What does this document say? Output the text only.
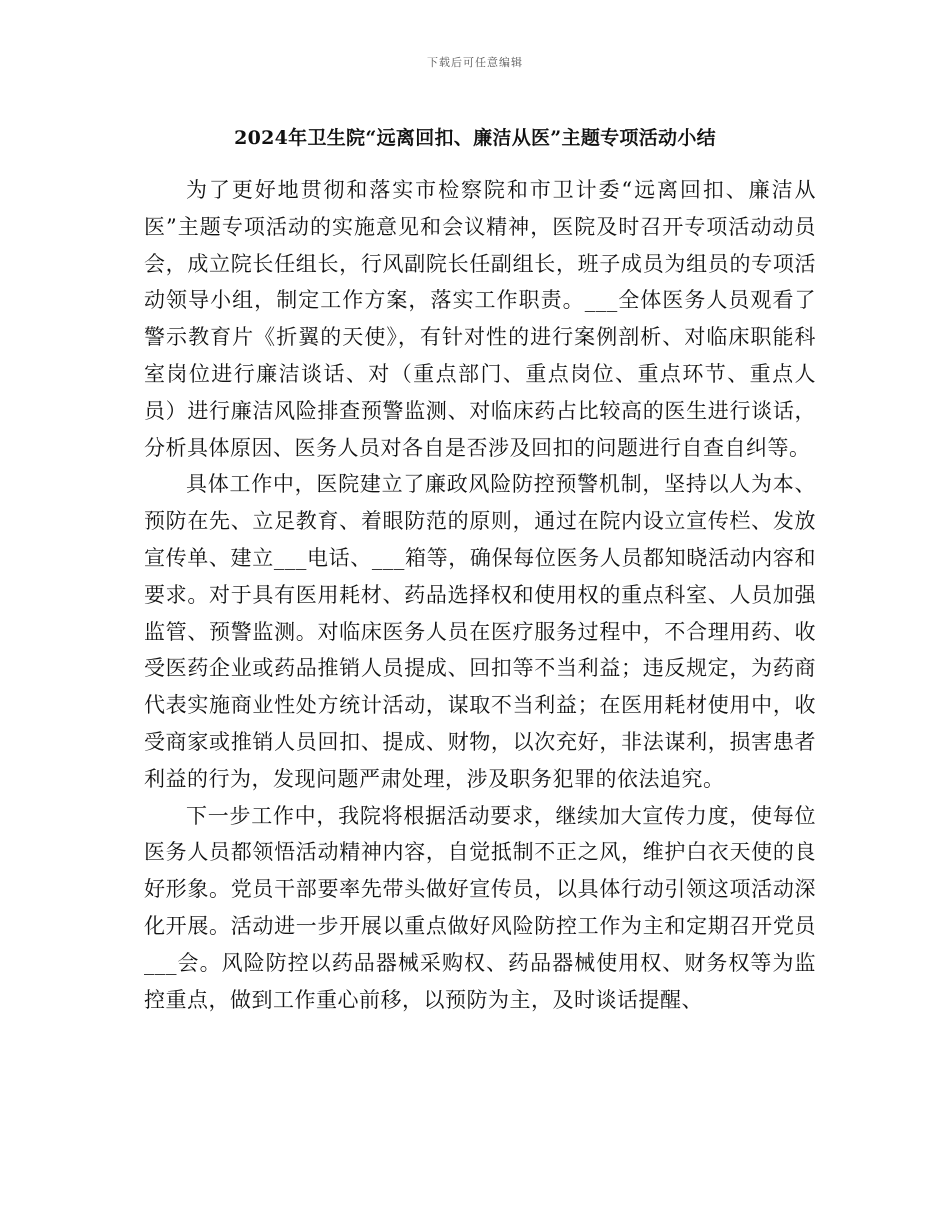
下载后可任意编辑
2024年卫生院“远离回扣、廉洁从医”主题专项活动小结

为了更好地贯彻和落实市检察院和市卫计委“远离回扣、廉洁从医”主题专项活动的实施意见和会议精神，医院及时召开专项活动动员会，成立院长任组长，行风副院长任副组长，班子成员为组员的专项活动领导小组，制定工作方案，落实工作职责。___全体医务人员观看了警示教育片《折翼的天使》，有针对性的进行案例剖析、对临床职能科室岗位进行廉洁谈话、对（重点部门、重点岗位、重点环节、重点人员）进行廉洁风险排查预警监测、对临床药占比较高的医生进行谈话，分析具体原因、医务人员对各自是否涉及回扣的问题进行自查自纠等。

具体工作中，医院建立了廉政风险防控预警机制，坚持以人为本、预防在先、立足教育、着眼防范的原则，通过在院内设立宣传栏、发放宣传单、建立___电话、___箱等，确保每位医务人员都知晓活动内容和要求。对于具有医用耗材、药品选择权和使用权的重点科室、人员加强监管、预警监测。对临床医务人员在医疗服务过程中，不合理用药、收受医药企业或药品推销人员提成、回扣等不当利益；违反规定，为药商代表实施商业性处方统计活动，谋取不当利益；在医用耗材使用中，收受商家或推销人员回扣、提成、财物，以次充好，非法谋利，损害患者利益的行为，发现问题严肃处理，涉及职务犯罪的依法追究。

下一步工作中，我院将根据活动要求，继续加大宣传力度，使每位医务人员都领悟活动精神内容，自觉抵制不正之风，维护白衣天使的良好形象。党员干部要率先带头做好宣传员，以具体行动引领这项活动深化开展。活动进一步开展以重点做好风险防控工作为主和定期召开党员___会。风险防控以药品器械采购权、药品器械使用权、财务权等为监控重点，做到工作重心前移，以预防为主，及时谈话提醒、
